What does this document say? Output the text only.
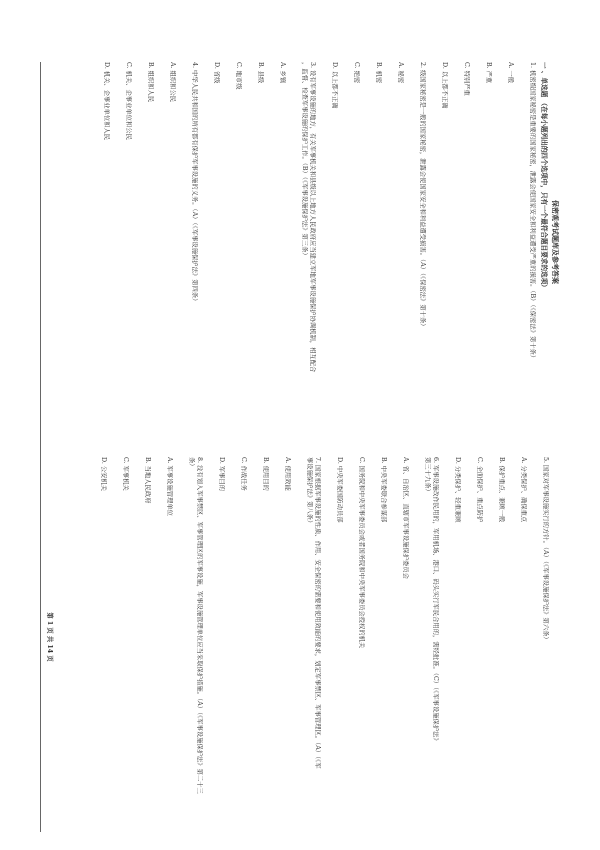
保密观考试题库及参考答案
一 、单选题 （在每小题列出的四个选项中，只有一个最符合题目要求的选项）
1. 机密级国家秘密是重要的国家秘密，泄露会使国家安全和利益遭受严重的损害。（B）（《保密法》第十条）
A. 一般
B. 严重
C. 特别严重
D. 以上都不正确
2. 级国家秘密是一般的国家秘密，泄露会使国家安全和利益遭受损害。（A）（《保密法》第十条）
A. 秘密
B. 机密
C. 绝密
D. 以上都不正确
3. 设有军事设施的地方，有关军事机关和县级以上地方人民政府应当建立军地军事设施保护协调机制，相互配合
，监督、检查军事设施的保护工作。（B）（《军事设施保护法》第三条）
A. 乡镇
B. 县级
C. 地市级
D. 省级
4. 中华人民共和国的所有都有保护军事设施的义务。（A）（《军事设施保护法》第四条）
A. 组织和公民
B. 组织和人民
C. 机关、企事业单位和公民
D. 机关、企事业单位和人民
5. 国家对军事设施实行的方针。（A）（《军事设施保护法》第六条）
A. 分类保护、确保重点
B. 保护重点、兼顾一般
C. 全面保护、重点防护
D. 分类保护、轻重兼顾
6. 军事设施改作民用的，军用机场、港口、码头实行军民合用的，需经批准。（C）（《军事设施保护法》
第三十九条）
A. 省、自治区、直辖市军事设施保护委员会
B. 中央军委联合参谋部
C. 国务院和中央军事委员会或者国务院和中央军事委员会授权的机关
D. 中央军委国防动员部
7. 国家根据军事设施的性质、作用、安全保密的需要和使用效能的要求，划定军事禁区、军事管理区。（A）（《军
事设施保护法》第八条）
A. 使用效能
B. 使用目的
C. 作战任务
D. 军事目的
8. 没有划入军事禁区、军事管理区的军事设施，军事设施管理单位应当采取保护措施。（A）（《军事设施保护法》第二十三
条）
A. 军事设施管理单位
B. 当地人民政府
C. 军事机关
D. 公安机关
第 1 页 共 14 页
